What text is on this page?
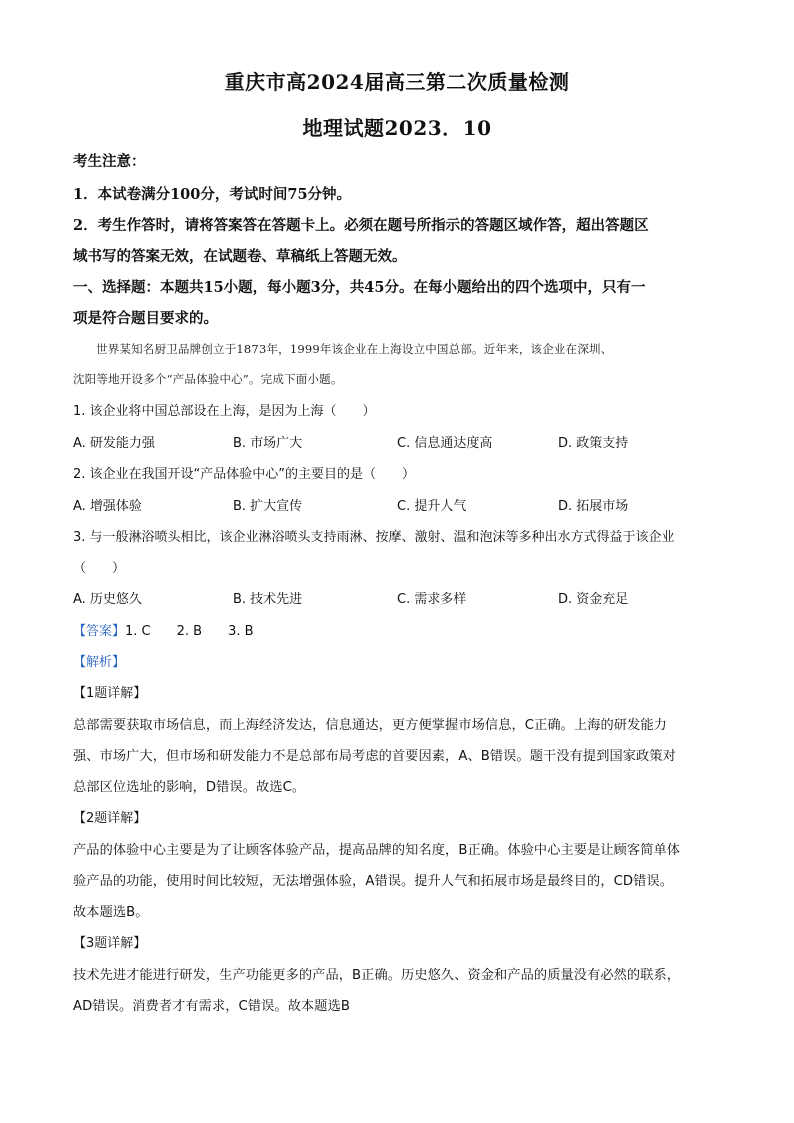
重庆市高2024届高三第二次质量检测
地理试题2023．10
考生注意：
1．本试卷满分100分，考试时间75分钟。
2．考生作答时，请将答案答在答题卡上。必须在题号所指示的答题区域作答，超出答题区
域书写的答案无效，在试题卷、草稿纸上答题无效。
一、选择题：本题共15小题，每小题3分，共45分。在每小题给出的四个选项中，只有一
项是符合题目要求的。
世界某知名厨卫品牌创立于1873年，1999年该企业在上海设立中国总部。近年来，该企业在深圳、
沈阳等地开设多个“产品体验中心”。完成下面小题。
1. 该企业将中国总部设在上海，是因为上海（　　）
A. 研发能力强	B. 市场广大	C. 信息通达度高	D. 政策支持
2. 该企业在我国开设“产品体验中心”的主要目的是（　　）
A. 增强体验	B. 扩大宣传	C. 提升人气	D. 拓展市场
3. 与一般淋浴喷头相比，该企业淋浴喷头支持雨淋、按摩、激射、温和泡沫等多种出水方式得益于该企业
（　　）
A. 历史悠久	B. 技术先进	C. 需求多样	D. 资金充足
【答案】1. C 2. B 3. B
【解析】
【1题详解】
总部需要获取市场信息，而上海经济发达，信息通达，更方便掌握市场信息，C正确。上海的研发能力
强、市场广大，但市场和研发能力不是总部布局考虑的首要因素，A、B错误。题干没有提到国家政策对
总部区位选址的影响，D错误。故选C。
【2题详解】
产品的体验中心主要是为了让顾客体验产品，提高品牌的知名度，B正确。体验中心主要是让顾客简单体
验产品的功能，使用时间比较短，无法增强体验，A错误。提升人气和拓展市场是最终目的，CD错误。
故本题选B。
【3题详解】
技术先进才能进行研发，生产功能更多的产品，B正确。历史悠久、资金和产品的质量没有必然的联系，
AD错误。消费者才有需求，C错误。故本题选B
